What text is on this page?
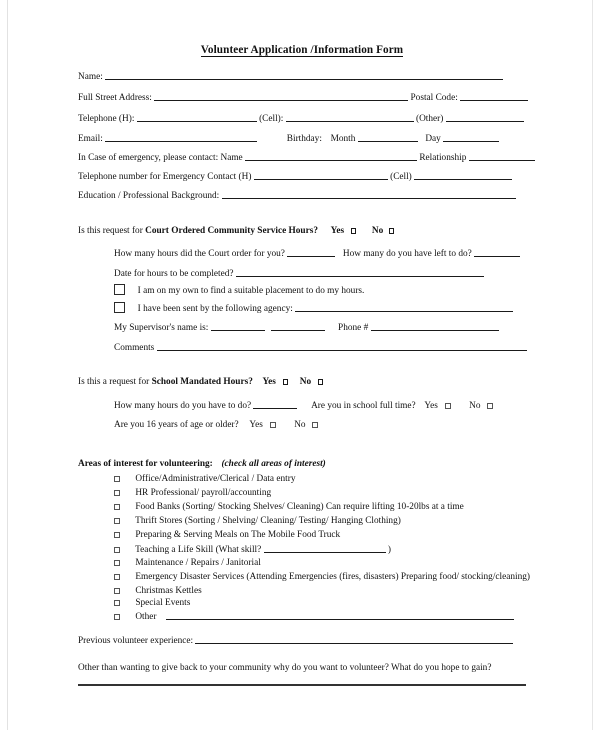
Volunteer Application /Information Form
Name:
Full Street Address:	Postal Code:
Telephone (H):	(Cell):	(Other)
Email:	Birthday: Month	Day
In Case of emergency, please contact: Name	Relationship
Telephone number for Emergency Contact (H)	(Cell)
Education / Professional Background:
Is this request for Court Ordered Community Service Hours? Yes	No
How many hours did the Court order for you?	How many do you have left to do?
Date for hours to be completed?
I am on my own to find a suitable placement to do my hours.
I have been sent by the following agency:
My Supervisor's name is:	Phone #
Comments
Is this a request for School Mandated Hours? Yes	No
How many hours do you have to do?	Are you in school full time? Yes	No
Are you 16 years of age or older? Yes	No
Areas of interest for volunteering: (check all areas of interest)
Office/Administrative/Clerical / Data entry
HR Professional/ payroll/accounting
Food Banks (Sorting/ Stocking Shelves/ Cleaning) Can require lifting 10-20lbs at a time
Thrift Stores (Sorting / Shelving/ Cleaning/ Testing/ Hanging Clothing)
Preparing & Serving Meals on The Mobile Food Truck
Teaching a Life Skill (What skill?	)
Maintenance / Repairs / Janitorial
Emergency Disaster Services (Attending Emergencies (fires, disasters) Preparing food/ stocking/cleaning)
Christmas Kettles
Special Events
Other
Previous volunteer experience:
Other than wanting to give back to your community why do you want to volunteer? What do you hope to gain?
